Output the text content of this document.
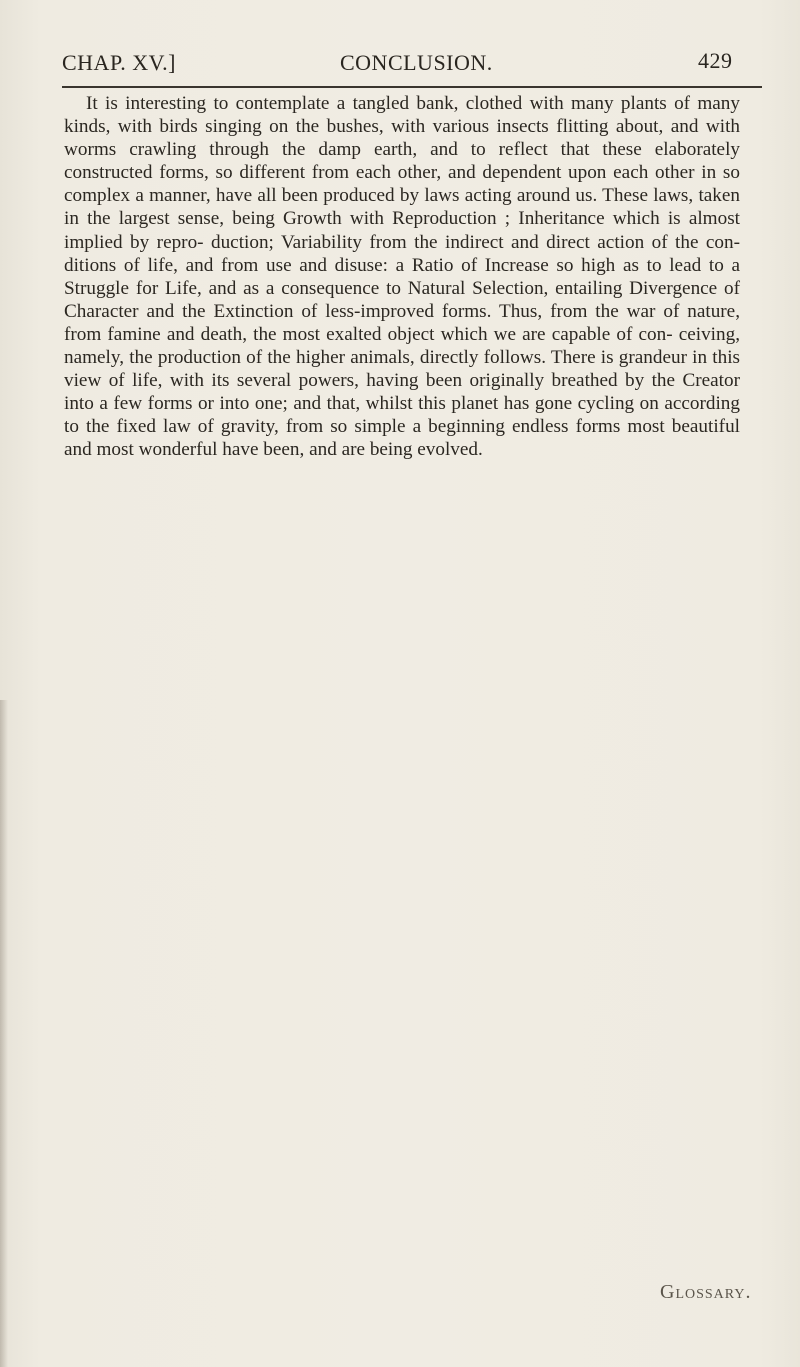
CHAP. XV.]	CONCLUSION.	429

It is interesting to contemplate a tangled bank, clothed with many plants of many kinds, with birds singing on the bushes, with various insects flitting about, and with worms crawling through the damp earth, and to reflect that these elaborately constructed forms, so different from each other, and dependent upon each other in so complex a manner, have all been produced by laws acting around us. These laws, taken in the largest sense, being Growth with Reproduction ; Inheritance which is almost implied by repro- duction; Variability from the indirect and direct action of the con- ditions of life, and from use and disuse: a Ratio of Increase so high as to lead to a Struggle for Life, and as a consequence to Natural Selection, entailing Divergence of Character and the Extinction of less-improved forms. Thus, from the war of nature, from famine and death, the most exalted object which we are capable of con- ceiving, namely, the production of the higher animals, directly follows. There is grandeur in this view of life, with its several powers, having been originally breathed by the Creator into a few forms or into one; and that, whilst this planet has gone cycling on according to the fixed law of gravity, from so simple a beginning endless forms most beautiful and most wonderful have been, and are being evolved.

Glossary.
